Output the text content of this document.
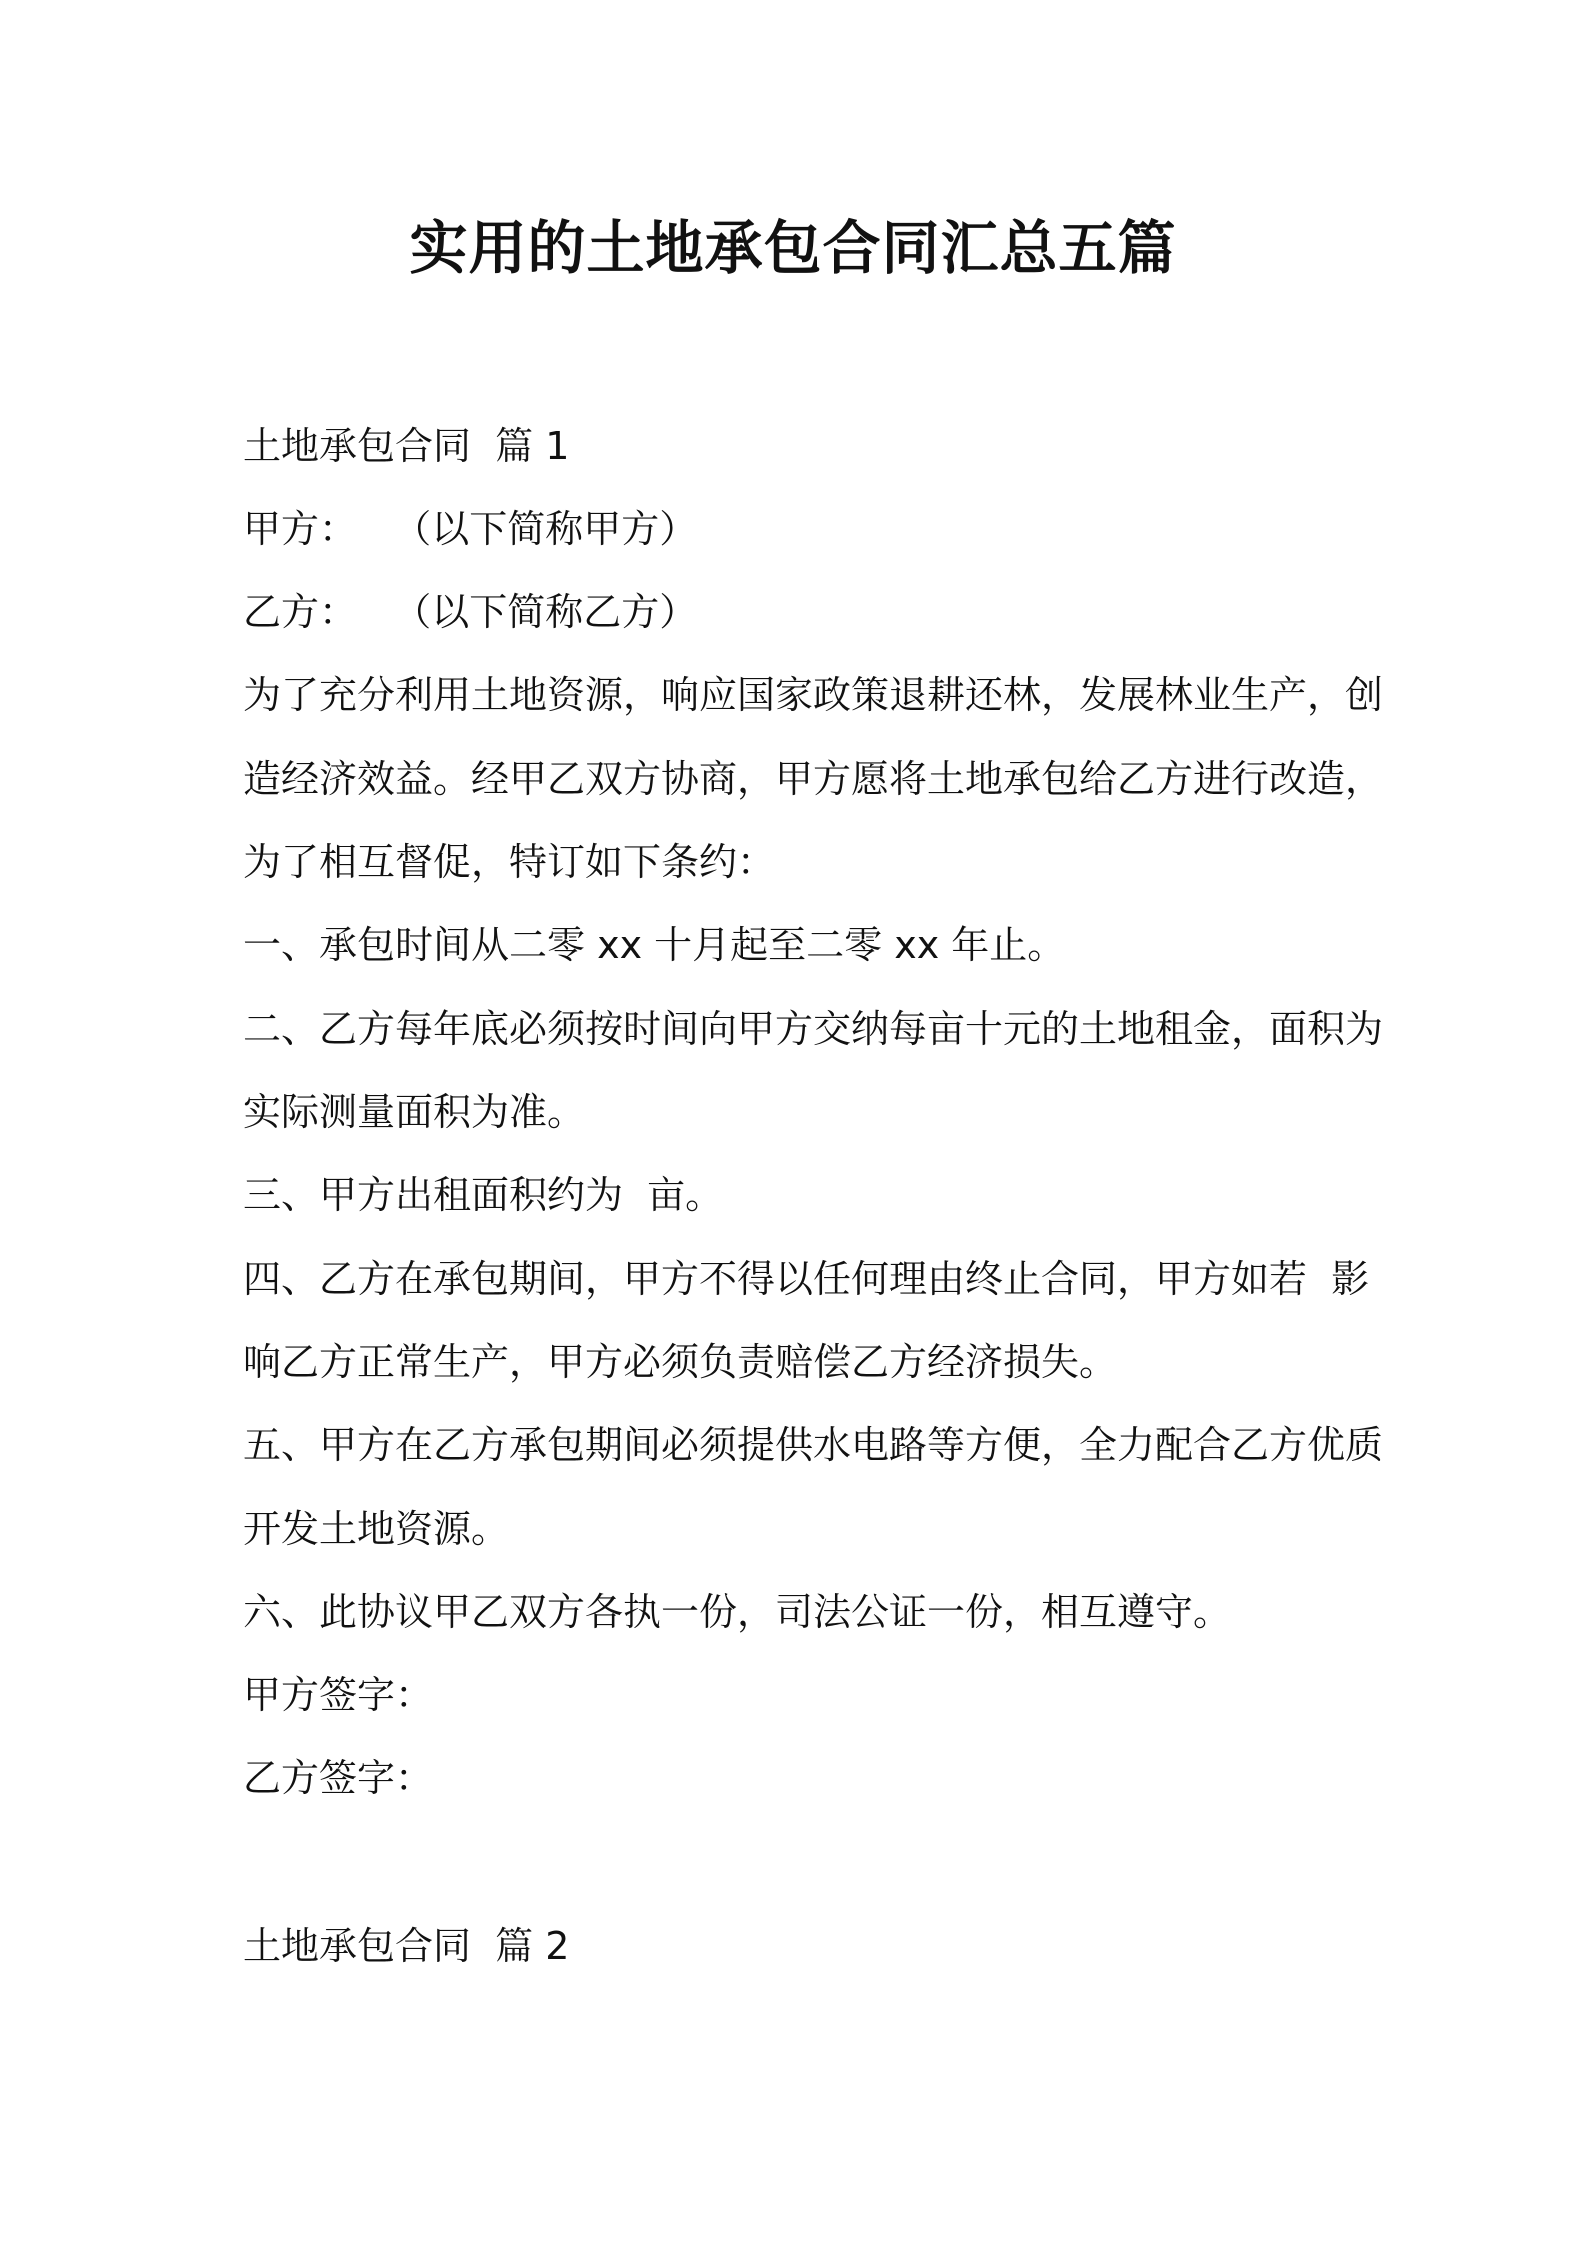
实用的土地承包合同汇总五篇

土地承包合同  篇 1

甲方：   （以下简称甲方）

乙方：   （以下简称乙方）

为了充分利用土地资源，响应国家政策退耕还林，发展林业生产，创

造经济效益。经甲乙双方协商，甲方愿将土地承包给乙方进行改造，

为了相互督促，特订如下条约：

一、承包时间从二零 xx 十月起至二零 xx 年止。

二、乙方每年底必须按时间向甲方交纳每亩十元的土地租金，面积为

实际测量面积为准。

三、甲方出租面积约为  亩。

四、乙方在承包期间，甲方不得以任何理由终止合同，甲方如若  影

响乙方正常生产，甲方必须负责赔偿乙方经济损失。

五、甲方在乙方承包期间必须提供水电路等方便，全力配合乙方优质

开发土地资源。

六、此协议甲乙双方各执一份，司法公证一份，相互遵守。

甲方签字：

乙方签字：

土地承包合同  篇 2
